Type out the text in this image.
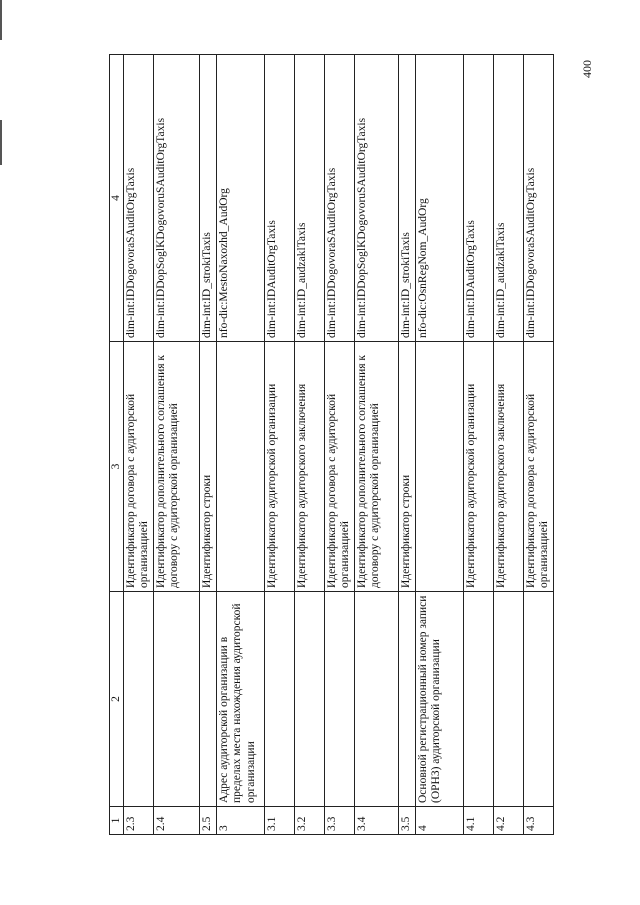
400
1	2	3	4
2.3		Идентификатор договора с аудиторской организацией	dim-int:IDDogovoraSAuditOrgTaxis
2.4		Идентификатор дополнительного соглашения к договору с аудиторской организацией	dim-int:IDDopSoglKDogovoruSAuditOrgTaxis
2.5		Идентификатор строки	dim-int:ID_strokiTaxis
3	Адрес аудиторской организации в пределах места нахождения аудиторской организации		nfo-dic:MestoNaxozhd_AudOrg
3.1		Идентификатор аудиторской организации	dim-int:IDAuditOrgTaxis
3.2		Идентификатор аудиторского заключения	dim-int:ID_audzaklTaxis
3.3		Идентификатор договора с аудиторской организацией	dim-int:IDDogovoraSAuditOrgTaxis
3.4		Идентификатор дополнительного соглашения к договору с аудиторской организацией	dim-int:IDDopSoglKDogovoruSAuditOrgTaxis
3.5		Идентификатор строки	dim-int:ID_strokiTaxis
4	Основной регистрационный номер записи (ОРНЗ) аудиторской организации		nfo-dic:OsnRegNom_AudOrg
4.1		Идентификатор аудиторской организации	dim-int:IDAuditOrgTaxis
4.2		Идентификатор аудиторского заключения	dim-int:ID_audzaklTaxis
4.3		Идентификатор договора с аудиторской организацией	dim-int:IDDogovoraSAuditOrgTaxis
